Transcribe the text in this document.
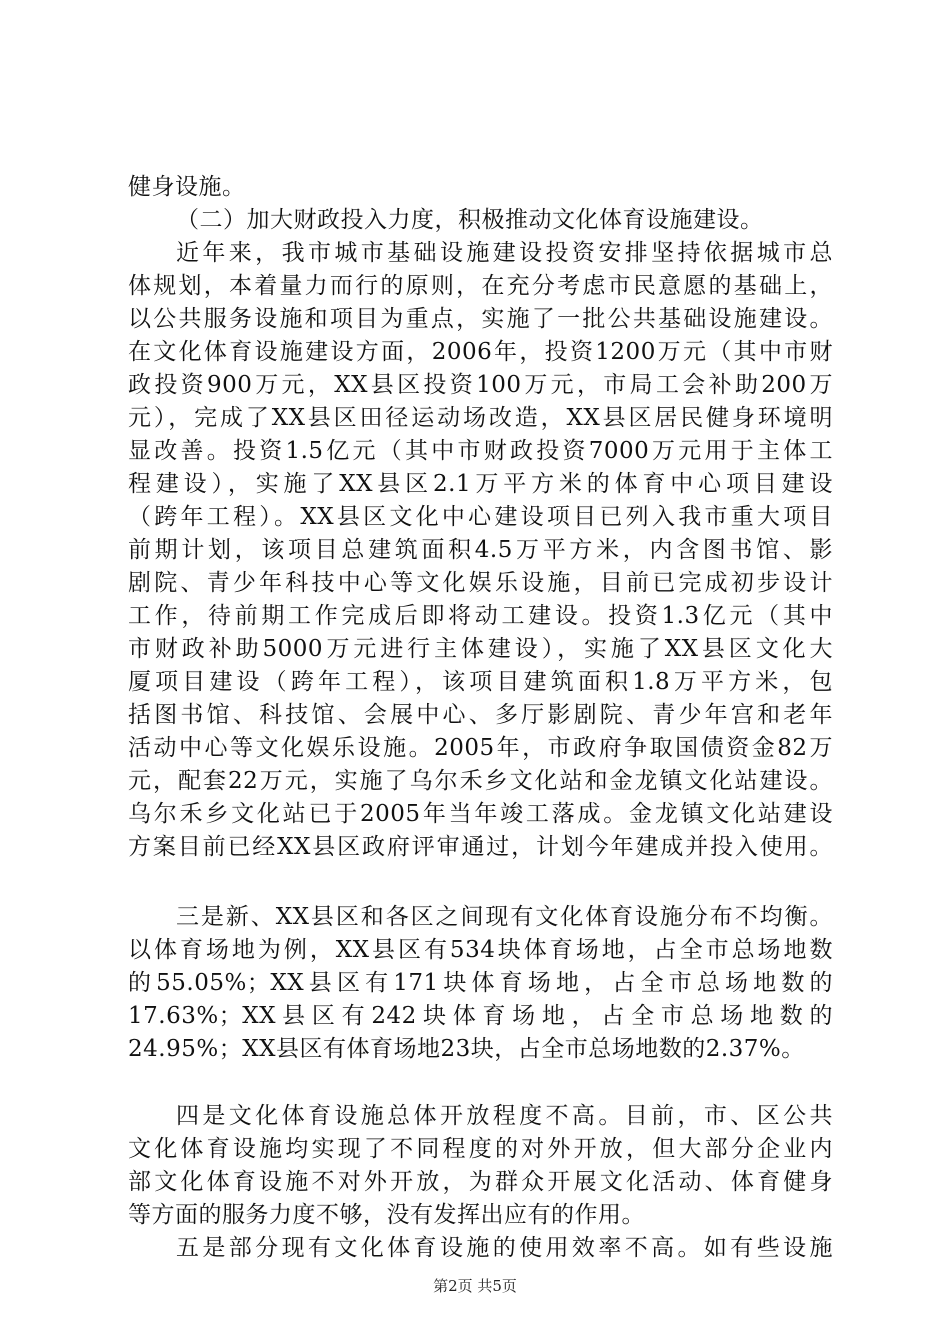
健身设施。
（二）加大财政投入力度，积极推动文化体育设施建设。
近年来，我市城市基础设施建设投资安排坚持依据城市总
体规划，本着量力而行的原则，在充分考虑市民意愿的基础上，
以公共服务设施和项目为重点，实施了一批公共基础设施建设。
在文化体育设施建设方面，2006年，投资1200万元（其中市财
政投资900万元，XX县区投资100万元，市局工会补助200万
元），完成了XX县区田径运动场改造，XX县区居民健身环境明
显改善。投资1.5亿元（其中市财政投资7000万元用于主体工
程建设），实施了XX县区2.1万平方米的体育中心项目建设
（跨年工程）。XX县区文化中心建设项目已列入我市重大项目
前期计划，该项目总建筑面积4.5万平方米，内含图书馆、影
剧院、青少年科技中心等文化娱乐设施，目前已完成初步设计
工作，待前期工作完成后即将动工建设。投资1.3亿元（其中
市财政补助5000万元进行主体建设），实施了XX县区文化大
厦项目建设（跨年工程），该项目建筑面积1.8万平方米，包
括图书馆、科技馆、会展中心、多厅影剧院、青少年宫和老年
活动中心等文化娱乐设施。2005年，市政府争取国债资金82万
元，配套22万元，实施了乌尔禾乡文化站和金龙镇文化站建设。
乌尔禾乡文化站已于2005年当年竣工落成。金龙镇文化站建设
方案目前已经XX县区政府评审通过，计划今年建成并投入使用。
三是新、XX县区和各区之间现有文化体育设施分布不均衡。
以体育场地为例，XX县区有534块体育场地，占全市总场地数
的55.05%；XX县区有171块体育场地，占全市总场地数的
17.63%；XX县区有242块体育场地，占全市总场地数的
24.95%；XX县区有体育场地23块，占全市总场地数的2.37%。
四是文化体育设施总体开放程度不高。目前，市、区公共
文化体育设施均实现了不同程度的对外开放，但大部分企业内
部文化体育设施不对外开放，为群众开展文化活动、体育健身
等方面的服务力度不够，没有发挥出应有的作用。
五是部分现有文化体育设施的使用效率不高。如有些设施
第2页 共5页
